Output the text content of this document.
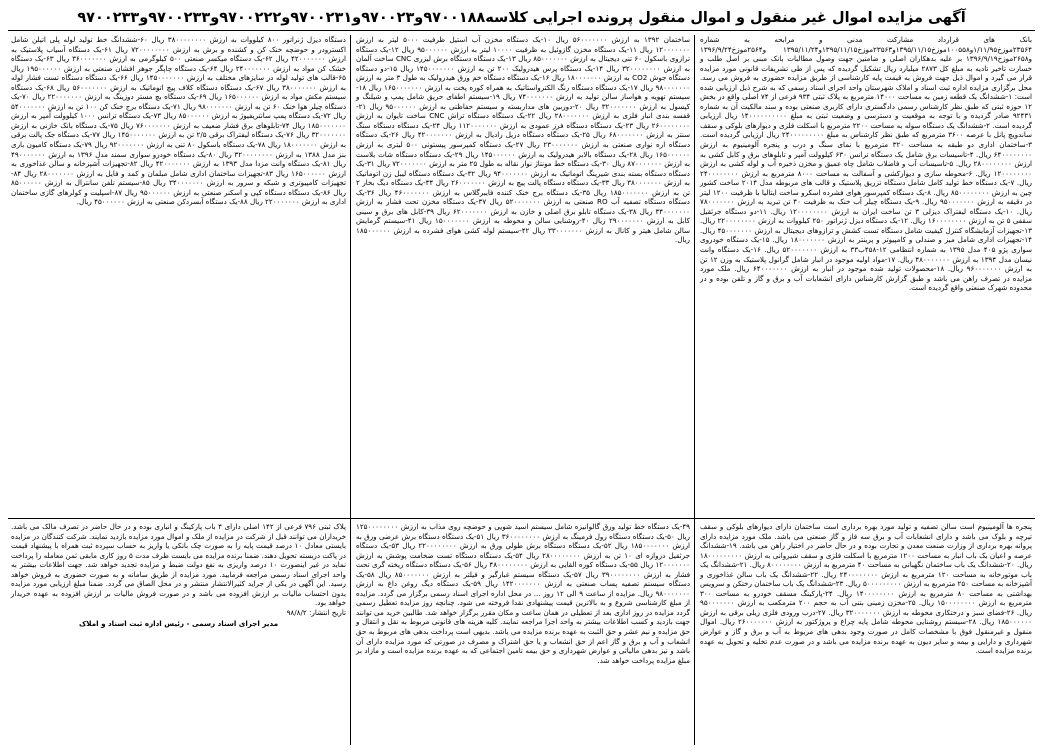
آگهی مزایده اموال غیر منقول و اموال منقول پرونده اجرایی کلاسه۹۷۰۰۱۸۸و۹۷۰۰۲۳و۹۷۰۰۲۳۱و۹۷۰۰۲۲۲و۹۷۰۰۲۳۳و۹۷۰۰۲۳۳
بانک های قرارداد مشارکت مدنی و مرابحه به شماره ۲۳۵۶۴موزخ۱/۱۱/۹۵و۱۰۰۵۵۸موزخ۱۳۹۵/۱۱/۱۵و۲۳۵۶۳موزخ۱۳۹۵/۱۱/۱۵و۱۳۹۵/۱۱/۲۴ و۲۵۶۴موزخ۱۳۹۶/۹/۲۴ و۲۶۵۸موزخ۱۳۹۶/۹/۱۹ بر علیه بدهکاران اصلی و ضامنین جهت وصول مطالبات بانک مبنی بر اصل طلب و خسارت تاخیر تادیه به مبلغ کل ۲۸۷۳ میلیارد ریال تشکیل گردیده که پس از طی تشریفات قانونی مورد مزایده قرار می گیرد و اموال ذیل جهت فروش به قیمت پایه کارشناسی از طریق مزایده حضوری به فروش می رسد. محل برگزاری مزایده اداره ثبت اسناد و املاک شهرستان واحد اجرای اسناد رسمی که به شرح ذیل ارزیابی شده است: ۱-ششدانگ یک قطعه زمین به مساحت ۱۴۰۰۰ مترمربع به پلاک ثبتی ۹۳۴ فرعی از ۷۴ اصلی واقع در بخش ۱۲ حوزه ثبتی که طبق نظر کارشناس رسمی دادگستری دارای کاربری صنعتی بوده و سند مالکیت آن به شماره ۹۲۴۳۱ صادر گردیده و با توجه به موقعیت و دسترسی و وضعیت ثبتی به مبلغ ۱۴۰۰۰۰۰۰۰۰۰۰ ریال ارزیابی گردیده است. ۲-ششدانگ یک دستگاه سوله به مساحت ۲۲۰۰ مترمربع با اسکلت فلزی و دیوارهای بلوکی و سقف ساندویچ پانل با عرصه ۳۶۰۰ مترمربع که طبق نظر کارشناس به مبلغ ۲۴۰۰۰۰۰۰۰۰۰ ریال ارزیابی گردیده است. ۳-ساختمان اداری دو طبقه به مساحت ۳۲۰ مترمربع با نمای سنگ و درب و پنجره آلومینیوم به ارزش ۶۴۰۰۰۰۰۰۰۰ ریال. ۴-تاسیسات برق شامل یک دستگاه ترانس ۶۳۰ کیلوولت آمپر و تابلوهای برق و کابل کشی به ارزش ۲۸۰۰۰۰۰۰۰۰ ریال. ۵-تاسیسات آب و فاضلاب شامل چاه عمیق و مخزن ذخیره آب و لوله کشی به ارزش ۱۲۰۰۰۰۰۰۰۰ ریال. ۶-محوطه سازی و دیوارکشی و آسفالت به مساحت ۸۰۰۰ مترمربع به ارزش ۲۴۰۰۰۰۰۰۰۰ ریال. ۷-یک دستگاه خط تولید کامل شامل دستگاه تزریق پلاستیک و قالب های مربوطه مدل ۲۰۱۴ ساخت کشور چین به ارزش ۸۵۰۰۰۰۰۰۰۰ ریال. ۸-یک دستگاه کمپرسور هوای فشرده اسکرو ساخت ایتالیا با ظرفیت ۱۲۰۰ لیتر در دقیقه به ارزش ۹۵۰۰۰۰۰۰۰ ریال. ۹-یک دستگاه چیلر آب خنک به ظرفیت ۴۰ تن تبرید به ارزش ۷۸۰۰۰۰۰۰۰ ریال. ۱۰-یک دستگاه لیفتراک دیزلی ۳ تن ساخت ایران به ارزش ۱۲۰۰۰۰۰۰۰۰ ریال. ۱۱-دو دستگاه جرثقیل سقفی ۵ تن به ارزش ۱۶۰۰۰۰۰۰۰۰ ریال. ۱۲-یک دستگاه دیزل ژنراتور ۲۵۰ کیلووات به ارزش ۲۲۰۰۰۰۰۰۰۰ ریال. ۱۳-تجهیزات آزمایشگاه کنترل کیفیت شامل دستگاه تست کشش و ترازوهای دیجیتال به ارزش ۴۵۰۰۰۰۰۰۰ ریال. ۱۴-تجهیزات اداری شامل میز و صندلی و کامپیوتر و پرینتر به ارزش ۱۸۰۰۰۰۰۰۰ ریال. ۱۵-یک دستگاه خودروی سواری پژو ۴۰۵ مدل ۱۳۹۵ به شماره انتظامی ۱۲-۴۵۸ب۳۳ به ارزش ۵۲۰۰۰۰۰۰۰ ریال. ۱۶-یک دستگاه وانت نیسان مدل ۱۳۹۴ به ارزش ۴۸۰۰۰۰۰۰۰ ریال. ۱۷-مواد اولیه موجود در انبار شامل گرانول پلاستیک به وزن ۱۲ تن به ارزش ۹۶۰۰۰۰۰۰۰ ریال. ۱۸-محصولات تولید شده موجود در انبار به ارزش ۶۴۰۰۰۰۰۰۰ ریال. ملک مورد مزایده در تصرف راهن می باشد و طبق گزارش کارشناس دارای انشعابات آب و برق و گاز و تلفن بوده و در محدوده شهرک صنعتی واقع گردیده است.
ساختمان ۱۳۹۲ به ارزش ۵۶۰۰۰۰۰۰۰ ریال ۱۰-یک دستگاه مخزن آب استیل ظرفیت ۵۰۰۰ لیتر به ارزش ۱۲۰۰۰۰۰۰۰ ریال ۱۱-یک دستگاه مخزن گازوئیل به ظرفیت ۱۰۰۰۰ لیتر به ارزش ۹۵۰۰۰۰۰۰ ریال ۱۲-یک دستگاه ترازوی باسکول ۶۰ تنی دیجیتال به ارزش ۸۵۰۰۰۰۰۰۰ ریال ۱۳-یک دستگاه دستگاه برش لیزری CNC ساخت آلمان به ارزش ۳۲۰۰۰۰۰۰۰۰ ریال ۱۴-یک دستگاه پرس هیدرولیک ۲۰۰ تن به ارزش ۱۴۵۰۰۰۰۰۰۰ ریال ۱۵-دو دستگاه دستگاه جوش CO2 به ارزش ۱۸۰۰۰۰۰۰۰ ریال ۱۶-یک دستگاه دستگاه خم ورق هیدرولیک به طول ۳ متر به ارزش ۹۸۰۰۰۰۰۰۰ ریال ۱۷-یک دستگاه دستگاه رنگ الکترواستاتیک به همراه کوره پخت به ارزش ۱۶۵۰۰۰۰۰۰۰ ریال ۱۸-سیستم تهویه و هواساز سالن تولید به ارزش ۷۴۰۰۰۰۰۰۰ ریال ۱۹-سیستم اطفای حریق شامل پمپ و شیلنگ و کپسول به ارزش ۳۲۰۰۰۰۰۰۰ ریال ۲۰-دوربین های مداربسته و سیستم حفاظتی به ارزش ۹۵۰۰۰۰۰۰ ریال ۲۱-قفسه بندی انبار فلزی به ارزش ۲۸۰۰۰۰۰۰۰ ریال ۲۲-یک دستگاه دستگاه تراش CNC ساخت تایوان به ارزش ۲۶۰۰۰۰۰۰۰۰ ریال ۲۳-یک دستگاه دستگاه فرز عمودی به ارزش ۱۱۲۰۰۰۰۰۰۰ ریال ۲۴-یک دستگاه دستگاه سنگ سنتر به ارزش ۶۸۰۰۰۰۰۰۰ ریال ۲۵-یک دستگاه دستگاه دریل رادیال به ارزش ۴۲۰۰۰۰۰۰۰ ریال ۲۶-یک دستگاه دستگاه اره نواری صنعتی به ارزش ۲۳۰۰۰۰۰۰۰ ریال ۲۷-یک دستگاه کمپرسور پیستونی ۵۰۰ لیتری به ارزش ۱۶۵۰۰۰۰۰۰ ریال ۲۸-یک دستگاه بالابر هیدرولیک به ارزش ۱۴۵۰۰۰۰۰۰ ریال ۲۹-یک دستگاه دستگاه شات بلاست به ارزش ۸۷۰۰۰۰۰۰۰ ریال ۳۰-یک دستگاه خط مونتاژ نوار نقاله به طول ۲۵ متر به ارزش ۷۲۰۰۰۰۰۰۰ ریال ۳۱-یک دستگاه دستگاه بسته بندی شیرینگ اتوماتیک به ارزش ۹۴۰۰۰۰۰۰۰ ریال ۳۲-یک دستگاه دستگاه لیبل زن اتوماتیک به ارزش ۳۸۰۰۰۰۰۰۰ ریال ۳۳-یک دستگاه دستگاه پالت پیچ به ارزش ۲۶۰۰۰۰۰۰۰ ریال ۳۴-یک دستگاه دیگ بخار ۲ تن به ارزش ۱۸۵۰۰۰۰۰۰۰ ریال ۳۵-یک دستگاه برج خنک کننده فایبرگلاس به ارزش ۴۶۰۰۰۰۰۰۰ ریال ۳۶-یک دستگاه دستگاه تصفیه آب RO صنعتی به ارزش ۵۲۰۰۰۰۰۰۰ ریال ۳۷-یک دستگاه مخزن تحت فشار به ارزش ۳۴۰۰۰۰۰۰۰ ریال ۳۸-یک دستگاه تابلو برق اصلی و خازن به ارزش ۶۲۰۰۰۰۰۰۰ ریال ۳۹-کابل های برق و سینی کابل به ارزش ۲۹۰۰۰۰۰۰۰ ریال ۴۰-روشنایی سالن و محوطه به ارزش ۱۵۰۰۰۰۰۰۰ ریال ۴۱-سیستم گرمایش سالن شامل هیتر و کانال به ارزش ۳۳۰۰۰۰۰۰۰ ریال ۴۲-سیستم لوله کشی هوای فشرده به ارزش ۱۸۵۰۰۰۰۰۰ ریال.
دستگاه دیزل ژنراتور ۸۰۰ کیلووات به ارزش ۳۸۰۰۰۰۰۰۰۰ ریال ۶۰-ششدانگ خط تولید لوله پلی اتیلن شامل اکسترودر و حوضچه خنک کن و کشنده و برش به ارزش ۷۲۰۰۰۰۰۰۰۰ ریال ۶۱-یک دستگاه آسیاب پلاستیک به ارزش ۴۲۰۰۰۰۰۰۰ ریال ۶۲-یک دستگاه میکسر صنعتی ۵۰۰ کیلوگرمی به ارزش ۳۶۰۰۰۰۰۰۰ ریال ۶۳-یک دستگاه خشک کن مواد به ارزش ۲۴۰۰۰۰۰۰۰ ریال ۶۴-یک دستگاه چاپگر جوهر افشان صنعتی به ارزش ۱۹۵۰۰۰۰۰۰ ریال ۶۵-قالب های تولید لوله در سایزهای مختلف به ارزش ۱۴۵۰۰۰۰۰۰۰ ریال ۶۶-یک دستگاه دستگاه تست فشار لوله به ارزش ۳۸۰۰۰۰۰۰۰ ریال ۶۷-یک دستگاه دستگاه کلاف پیچ اتوماتیک به ارزش ۵۶۰۰۰۰۰۰۰ ریال ۶۸-یک دستگاه سیستم مکش مواد به ارزش ۱۶۵۰۰۰۰۰۰ ریال ۶۹-یک دستگاه بچ مستر دوزینگ به ارزش ۲۲۰۰۰۰۰۰۰ ریال ۷۰-یک دستگاه چیلر هوا خنک ۶۰ تن به ارزش ۹۸۰۰۰۰۰۰۰ ریال ۷۱-یک دستگاه برج خنک کن ۱۰۰ تن به ارزش ۵۴۰۰۰۰۰۰۰ ریال ۷۲-یک دستگاه پمپ سانتریفیوژ به ارزش ۸۵۰۰۰۰۰۰ ریال ۷۳-یک دستگاه ترانس ۱۰۰۰ کیلوولت آمپر به ارزش ۱۸۵۰۰۰۰۰۰۰ ریال ۷۴-تابلوهای برق فشار ضعیف به ارزش ۷۶۰۰۰۰۰۰۰ ریال ۷۵-یک دستگاه بانک خازنی به ارزش ۳۲۰۰۰۰۰۰۰ ریال ۷۶-یک دستگاه لیفتراک برقی ۲/۵ تن به ارزش ۱۴۵۰۰۰۰۰۰۰ ریال ۷۷-یک دستگاه جک پالت برقی به ارزش ۱۸۰۰۰۰۰۰۰ ریال ۷۸-یک دستگاه باسکول ۸۰ تنی به ارزش ۹۲۰۰۰۰۰۰۰ ریال ۷۹-یک دستگاه کامیون باری بنز مدل ۱۳۸۸ به ارزش ۳۲۰۰۰۰۰۰۰۰ ریال ۸۰-یک دستگاه خودرو سواری سمند مدل ۱۳۹۶ به ارزش ۴۹۰۰۰۰۰۰۰ ریال ۸۱-یک دستگاه وانت مزدا مدل ۱۳۹۳ به ارزش ۴۲۰۰۰۰۰۰۰ ریال ۸۲-تجهیزات آشپزخانه و سالن غذاخوری به ارزش ۱۶۵۰۰۰۰۰۰ ریال ۸۳-تجهیزات ساختمان اداری شامل مبلمان و کمد و فایل به ارزش ۲۸۰۰۰۰۰۰۰ ریال ۸۴-تجهیزات کامپیوتری و شبکه و سرور به ارزش ۳۴۰۰۰۰۰۰۰ ریال ۸۵-سیستم تلفن سانترال به ارزش ۸۵۰۰۰۰۰۰ ریال ۸۶-یک دستگاه دستگاه کپی و اسکنر صنعتی به ارزش ۹۵۰۰۰۰۰۰ ریال ۸۷-اسپلیت و کولرهای گازی ساختمان اداری به ارزش ۲۲۰۰۰۰۰۰۰ ریال ۸۸-یک دستگاه آبسردکن صنعتی به ارزش ۴۵۰۰۰۰۰۰ ریال.
پنجره ها آلومینیوم است سالن تصفیه و تولید مورد بهره برداری است ساختمان دارای دیوارهای بلوکی و سقف تیرچه و بلوک می باشد و دارای انشعابات آب و برق سه فاز و گاز صنعتی می باشد. ملک مورد مزایده دارای پروانه بهره برداری از وزارت صنعت معدن و تجارت بوده و در حال حاضر در اختیار راهن می باشد. ۱۹-ششدانگ عرصه و اعیان یک باب انبار به مساحت ۱۲۰۰ مترمربع با اسکلت فلزی و سقف شیروانی به ارزش ۱۸۰۰۰۰۰۰۰۰۰ ریال. ۲۰-ششدانگ یک باب ساختمان نگهبانی به مساحت ۴۰ مترمربع به ارزش ۸۰۰۰۰۰۰۰۰ ریال. ۲۱-ششدانگ یک باب موتورخانه به مساحت ۱۲۰ مترمربع به ارزش ۲۴۰۰۰۰۰۰۰۰ ریال. ۲۲-ششدانگ یک باب سالن غذاخوری و آشپزخانه به مساحت ۲۵۰ مترمربع به ارزش ۵۰۰۰۰۰۰۰۰۰ ریال. ۲۳-ششدانگ یک باب ساختمان رختکن و سرویس بهداشتی به مساحت ۸۰ مترمربع به ارزش ۱۴۰۰۰۰۰۰۰۰ ریال. ۲۴-پارکینگ مسقف خودرو به مساحت ۳۰۰ مترمربع به ارزش ۱۵۰۰۰۰۰۰۰۰ ریال. ۲۵-مخزن زمینی بتنی آب به حجم ۲۰۰ مترمکعب به ارزش ۹۵۰۰۰۰۰۰۰ ریال. ۲۶-فضای سبز و درختکاری محوطه به ارزش ۳۲۰۰۰۰۰۰۰ ریال. ۲۷-درب ورودی فلزی ریلی برقی به ارزش ۱۸۵۰۰۰۰۰۰ ریال. ۲۸-سیستم روشنایی محوطه شامل پایه چراغ و پروژکتور به ارزش ۲۶۰۰۰۰۰۰۰ ریال. اموال منقول و غیرمنقول فوق با مشخصات کامل در صورت وجود بدهی های مربوط به آب و برق و گاز و عوارض شهرداری و دارایی و بیمه و سایر دیون به عهده برنده مزایده می باشد و در صورت عدم تخلیه و تحویل به عهده برنده مزایده است.
۴۹-یک دستگاه خط تولید ورق گالوانیزه شامل سیستم اسید شویی و حوضچه روی مذاب به ارزش ۱۲۵۰۰۰۰۰۰۰۰ ریال ۵۰-یک دستگاه دستگاه رول فرمینگ به ارزش ۳۶۰۰۰۰۰۰۰۰ ریال ۵۱-یک دستگاه دستگاه برش عرضی ورق به ارزش ۱۸۵۰۰۰۰۰۰۰ ریال ۵۲-یک دستگاه دستگاه برش طولی ورق به ارزش ۲۲۰۰۰۰۰۰۰۰ ریال ۵۳-یک دستگاه جرثقیل دروازه ای ۱۰ تن به ارزش ۲۸۰۰۰۰۰۰۰۰ ریال ۵۴-یک دستگاه دستگاه تست ضخامت پوشش به ارزش ۱۲۰۰۰۰۰۰۰ ریال ۵۵-یک دستگاه کوره القایی به ارزش ۴۸۰۰۰۰۰۰۰۰ ریال ۵۶-یک دستگاه دستگاه ریخته گری تحت فشار به ارزش ۳۹۰۰۰۰۰۰۰۰ ریال ۵۷-یک دستگاه سیستم غبارگیر و فیلتر به ارزش ۸۵۰۰۰۰۰۰۰ ریال ۵۸-یک دستگاه سیستم تصفیه پساب صنعتی به ارزش ۱۴۲۰۰۰۰۰۰۰ ریال ۵۹-یک دستگاه دیگ روغن داغ به ارزش ۹۸۰۰۰۰۰۰۰ ریال. مزایده از ساعت ۹ الی ۱۲ روز ... در محل اداره اجرای اسناد رسمی برگزار می گردد. مزایده از مبلغ کارشناسی شروع و به بالاترین قیمت پیشنهادی نقدا فروخته می شود. چنانچه روز مزایده تعطیل رسمی گردد مزایده در روز اداری بعد از تعطیلی در همان ساعت و مکان مقرر برگزار خواهد شد. طالبین خرید می توانند جهت بازدید و کسب اطلاعات بیشتر به واحد اجرا مراجعه نمایند. کلیه هزینه های قانونی مربوط به نقل و انتقال و حق مزایده و نیم عشر و حق الثبت به عهده برنده مزایده می باشد. بدیهی است پرداخت بدهی های مربوط به حق انشعاب و آب و برق و گاز اعم از حق انشعاب و یا حق اشتراک و مصرف در صورتی که مورد مزایده دارای آن باشد و نیز بدهی مالیاتی و عوارض شهرداری و حق بیمه تامین اجتماعی که به عهده برنده مزایده است و مازاد بر مبلغ مزایده پرداخت خواهد شد.
پلاک ثبتی ۷۹۶ فرعی از ۱۴۲ اصلی دارای ۴ باب پارکینگ و انباری بوده و در حال حاضر در تصرف مالک می باشد. خریداران می توانند قبل از شرکت در مزایده از ملک و اموال مورد مزایده بازدید نمایند. شرکت کنندگان در مزایده بایستی معادل ۱۰ درصد قیمت پایه را به صورت چک بانکی یا واریز به حساب سپرده ثبت همراه با پیشنهاد قیمت در پاکت دربسته تحویل دهند. ضمنا برنده مزایده می بایست ظرف مدت ۵ روز کاری مابقی ثمن معامله را پرداخت نماید در غیر اینصورت ۱۰ درصد واریزی به نفع دولت ضبط و مزایده تجدید خواهد شد. جهت اطلاعات بیشتر به واحد اجرای اسناد رسمی مراجعه فرمایید. مورد مزایده از طریق سامانه و به صورت حضوری به فروش خواهد رسید. این آگهی در یکی از جراید کثیرالانتشار منتشر و در محل الصاق می گردد. ضمنا مبلغ ارزیابی مورد مزایده بدون احتساب مالیات بر ارزش افزوده می باشد و در صورت فروش مالیات بر ارزش افزوده به عهده خریدار خواهد بود.
تاریخ انتشار: ۹۸/۸/۲
مدیر اجرای اسناد رسمی - رئیس اداره ثبت اسناد و املاک
